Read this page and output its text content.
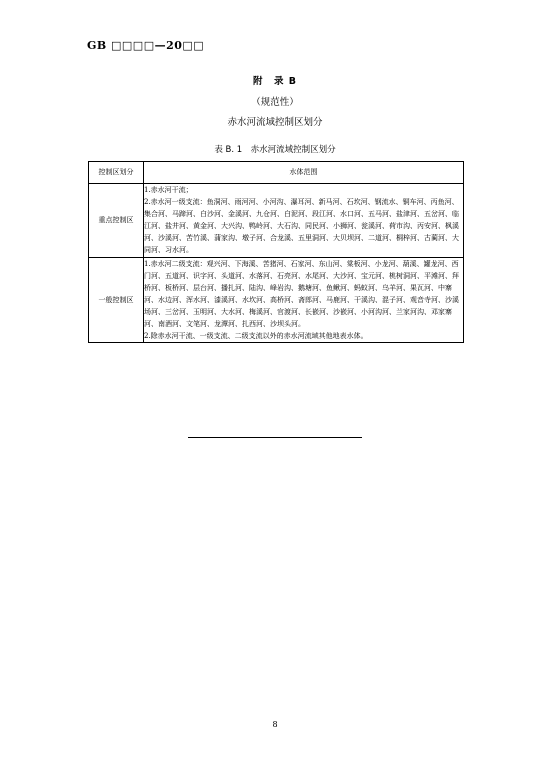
GB □□□□—20□□
附　录 B
（规范性）
赤水河流域控制区划分
表 B. 1　赤水河流域控制区划分
控制区划分	水体范围
重点控制区	1.赤水河干流；

2.赤水河一级支流：鱼洞河、雨河河、小河沟、瀑耳河、新马河、石坎河、钢流水、铜车河、丙鱼河、集合河、马蹄河、白沙河、金溪河、九仓河、白泥河、段江河、水口河、五马河、盐津河、五岔河、临江河、盐井河、黄金河、大兴沟、鸭岭河、大石沟、同民河、小狮河、瓮溪河、荷市沟、丙安河、枫溪河、沙溪河、苦竹溪、蒲家沟、墩子河、合龙溪、五里洞河、大贝坝河、二道河、桐梓河、古蔺河、大同河、习水河。

一般控制区	1.赤水河二级支流：观兴河、下海溪、苦猪河、石家河、东山河、棠板河、小龙河、葫溪、罐龙河、西门河、五道河、识字河、头道河、水落河、石亮河、水尾河、大沙河、宝元河、桃树洞河、平滩河、拜桥河、板桥河、层台河、播扎河、陆沟、峰岩沟、鹅塘河、鱼鳅河、蚂蚁河、乌羊河、果瓦河、中寨河、水边河、浑水河、漆溪河、水坎河、高桥河、斋郎河、马鹿河、干溪沟、混子河、观音寺河、沙溪场河、三岔河、玉明河、大水河、梅溪河、官渡河、长嵌河、沙嵌河、小河沟河、兰家河沟、邓家寨河、南酒河、文笔河、龙潭河、扎西河、沙坝头河。

2.除赤水河干流、一级支流、二级支流以外的赤水河流域其他地表水体。

8
